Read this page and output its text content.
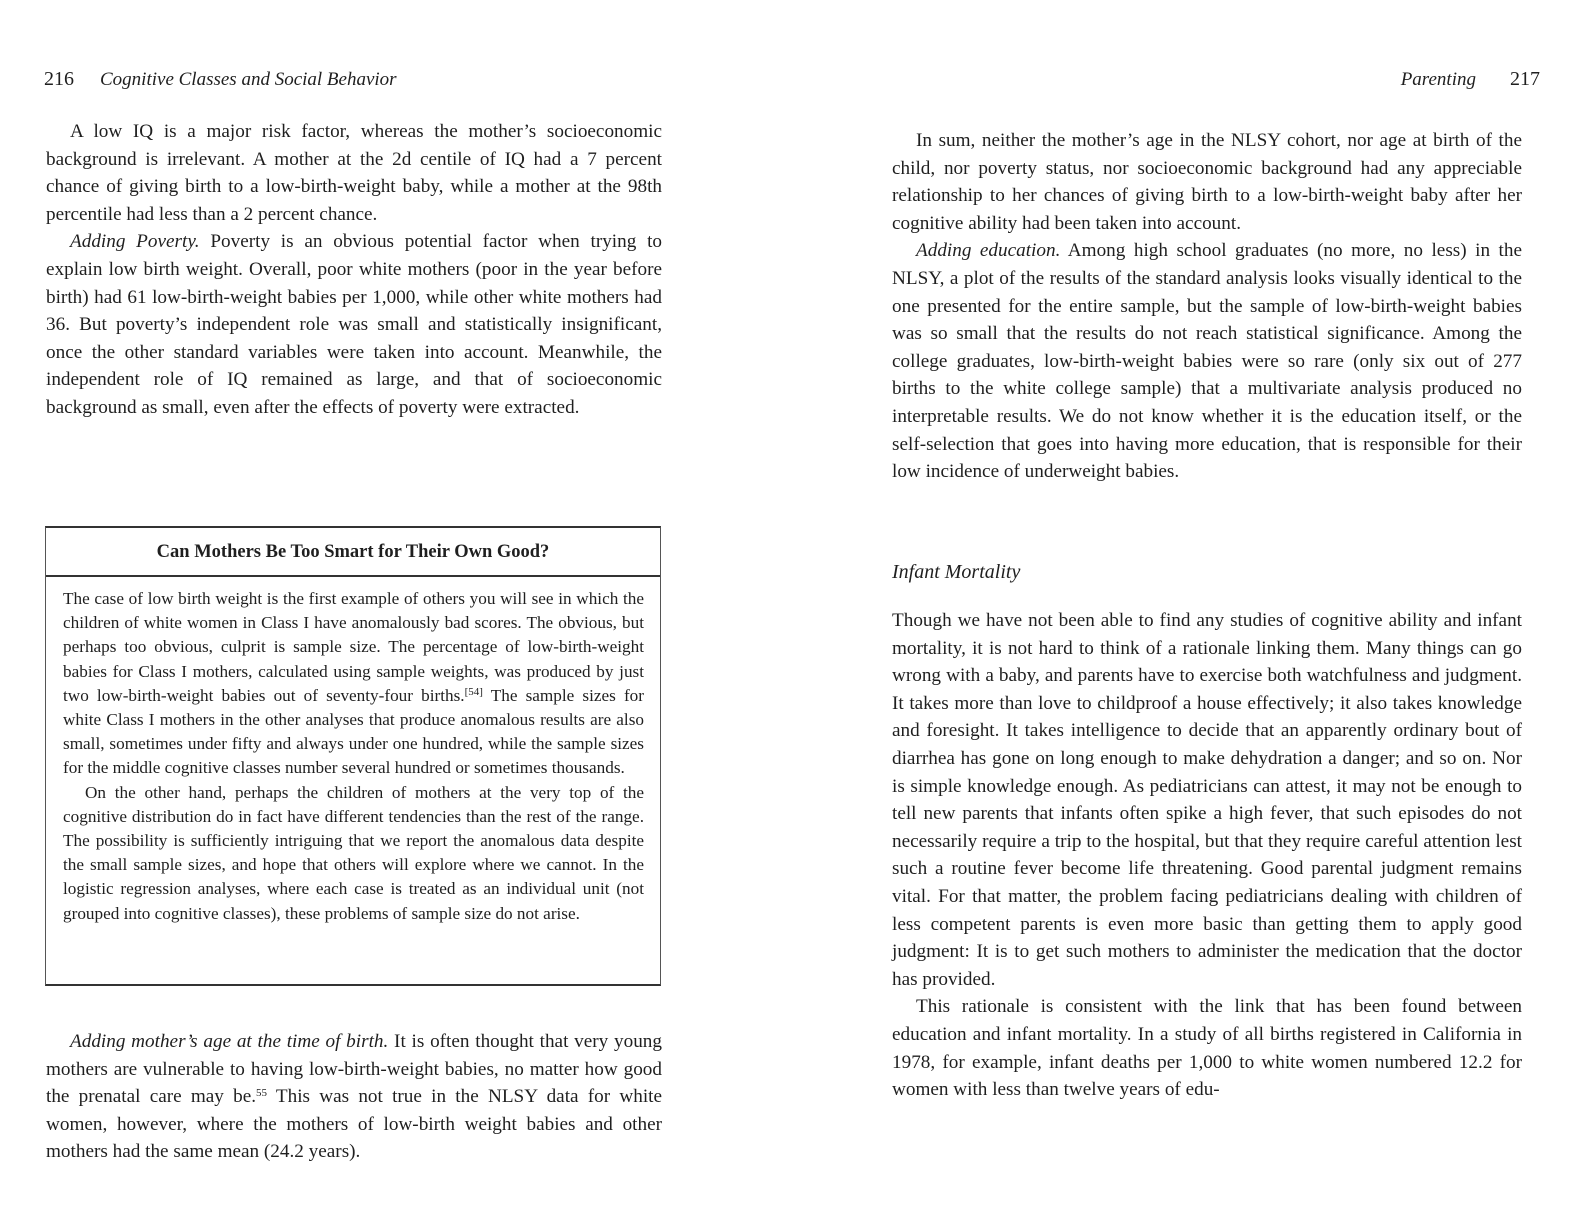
216 Cognitive Classes and Social Behavior

A low IQ is a major risk factor, whereas the mother’s socioeconomic background is irrelevant. A mother at the 2d centile of IQ had a 7 percent chance of giving birth to a low-birth-weight baby, while a mother at the 98th percentile had less than a 2 percent chance.

Adding Poverty. Poverty is an obvious potential factor when trying to explain low birth weight. Overall, poor white mothers (poor in the year before birth) had 61 low-birth-weight babies per 1,000, while other white mothers had 36. But poverty’s independent role was small and statistically insignificant, once the other standard variables were taken into account. Meanwhile, the independent role of IQ remained as large, and that of socioeconomic background as small, even after the effects of poverty were extracted.

Can Mothers Be Too Smart for Their Own Good?

The case of low birth weight is the first example of others you will see in which the children of white women in Class I have anomalously bad scores. The obvious, but perhaps too obvious, culprit is sample size. The percentage of low-birth-weight babies for Class I mothers, calculated using sample weights, was produced by just two low-birth-weight babies out of seventy-four births.[54] The sample sizes for white Class I mothers in the other analyses that produce anomalous results are also small, sometimes under fifty and always under one hundred, while the sample sizes for the middle cognitive classes number several hundred or sometimes thousands.

On the other hand, perhaps the children of mothers at the very top of the cognitive distribution do in fact have different tendencies than the rest of the range. The possibility is sufficiently intriguing that we report the anomalous data despite the small sample sizes, and hope that others will explore where we cannot. In the logistic regression analyses, where each case is treated as an individual unit (not grouped into cognitive classes), these problems of sample size do not arise.

Adding mother’s age at the time of birth. It is often thought that very young mothers are vulnerable to having low-birth-weight babies, no matter how good the prenatal care may be.$^{55}$ This was not true in the NLSY data for white women, however, where the mothers of low-birth weight babies and other mothers had the same mean (24.2 years).

Parenting 217

In sum, neither the mother’s age in the NLSY cohort, nor age at birth of the child, nor poverty status, nor socioeconomic background had any appreciable relationship to her chances of giving birth to a low-birth-weight baby after her cognitive ability had been taken into account.

Adding education. Among high school graduates (no more, no less) in the NLSY, a plot of the results of the standard analysis looks visually identical to the one presented for the entire sample, but the sample of low-birth-weight babies was so small that the results do not reach statistical significance. Among the college graduates, low-birth-weight babies were so rare (only six out of 277 births to the white college sample) that a multivariate analysis produced no interpretable results. We do not know whether it is the education itself, or the self-selection that goes into having more education, that is responsible for their low incidence of underweight babies.

Infant Mortality

Though we have not been able to find any studies of cognitive ability and infant mortality, it is not hard to think of a rationale linking them. Many things can go wrong with a baby, and parents have to exercise both watchfulness and judgment. It takes more than love to childproof a house effectively; it also takes knowledge and foresight. It takes intelligence to decide that an apparently ordinary bout of diarrhea has gone on long enough to make dehydration a danger; and so on. Nor is simple knowledge enough. As pediatricians can attest, it may not be enough to tell new parents that infants often spike a high fever, that such episodes do not necessarily require a trip to the hospital, but that they require careful attention lest such a routine fever become life threatening. Good parental judgment remains vital. For that matter, the problem facing pediatricians dealing with children of less competent parents is even more basic than getting them to apply good judgment: It is to get such mothers to administer the medication that the doctor has provided.

This rationale is consistent with the link that has been found between education and infant mortality. In a study of all births registered in California in 1978, for example, infant deaths per 1,000 to white women numbered 12.2 for women with less than twelve years of edu-
